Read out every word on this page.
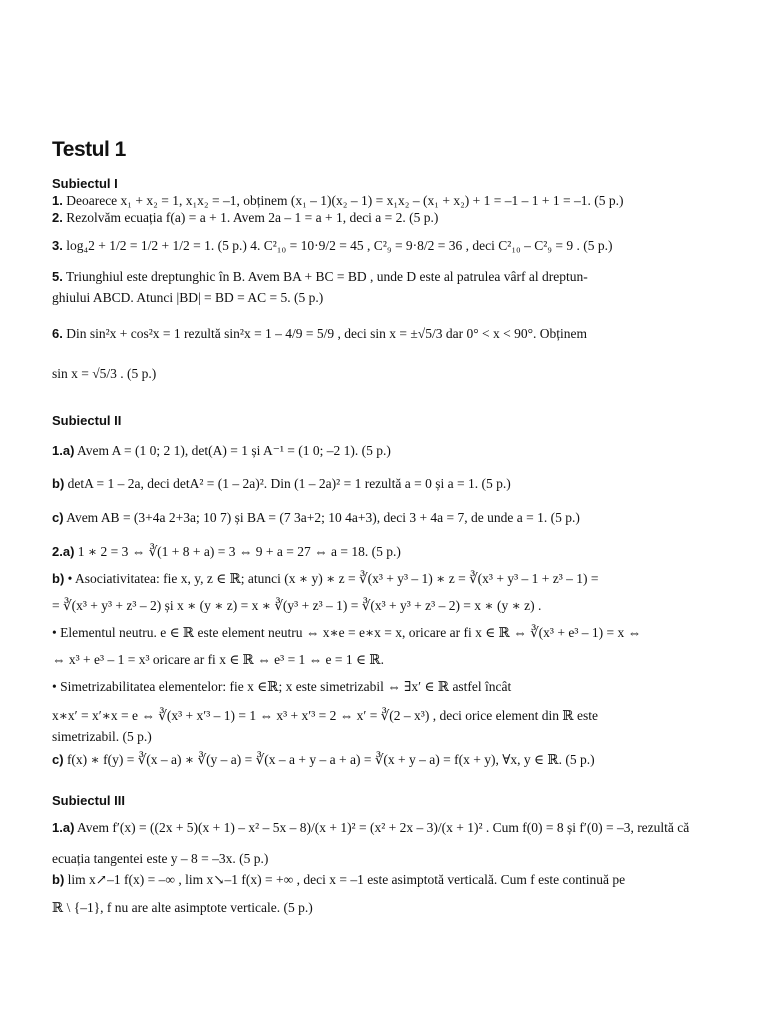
Testul 1
Subiectul I
1. Deoarece x₁ + x₂ = 1, x₁x₂ = –1, obținem (x₁ – 1)(x₂ – 1) = x₁x₂ – (x₁ + x₂) + 1 = –1 – 1 + 1 = –1. (5 p.)
2. Rezolvăm ecuația f(a) = a + 1. Avem 2a – 1 = a + 1, deci a = 2. (5 p.)
3. log₄2 + 1/2 = 1/2 + 1/2 = 1. (5 p.) 4. C²₁₀ = 10·9/2 = 45 , C²₉ = 9·8/2 = 36 , deci C²₁₀ – C²₉ = 9 . (5 p.)
5. Triunghiul este dreptunghic în B. Avem BA + BC = BD , unde D este al patrulea vârf al dreptun-
ghiului ABCD. Atunci |BD| = BD = AC = 5. (5 p.)
6. Din sin²x + cos²x = 1 rezultă sin²x = 1 – 4/9 = 5/9 , deci sin x = ±√5/3 dar 0° < x < 90°. Obținem
sin x = √5/3 . (5 p.)
Subiectul II
1.a) Avem A = (1 0; 2 1), det(A) = 1 și A⁻¹ = (1 0; –2 1). (5 p.)
b) detA = 1 – 2a, deci detA² = (1 – 2a)². Din (1 – 2a)² = 1 rezultă a = 0 și a = 1. (5 p.)
c) Avem AB = (3+4a 2+3a; 10 7) și BA = (7 3a+2; 10 4a+3), deci 3 + 4a = 7, de unde a = 1. (5 p.)
2.a) 1 ∗ 2 = 3 ⇔ ∛(1 + 8 + a) = 3 ⇔ 9 + a = 27 ⇔ a = 18. (5 p.)
b) • Asociativitatea: fie x, y, z ∈ ℝ; atunci (x ∗ y) ∗ z = ∛(x³ + y³ – 1) ∗ z = ∛(x³ + y³ – 1 + z³ – 1) =
= ∛(x³ + y³ + z³ – 2) și x ∗ (y ∗ z) = x ∗ ∛(y³ + z³ – 1) = ∛(x³ + y³ + z³ – 2) = x ∗ (y ∗ z) .
• Elementul neutru. e ∈ ℝ este element neutru ⇔ x∗e = e∗x = x, oricare ar fi x ∈ ℝ ⇔ ∛(x³ + e³ – 1) = x ⇔
⇔ x³ + e³ – 1 = x³ oricare ar fi x ∈ ℝ ⇔ e³ = 1 ⇔ e = 1 ∈ ℝ.
• Simetrizabilitatea elementelor: fie x ∈ℝ; x este simetrizabil ⇔ ∃x′ ∈ ℝ astfel încât
x∗x′ = x′∗x = e ⇔ ∛(x³ + x′³ – 1) = 1 ⇔ x³ + x′³ = 2 ⇔ x′ = ∛(2 – x³) , deci orice element din ℝ este
simetrizabil. (5 p.)
c) f(x) ∗ f(y) = ∛(x – a) ∗ ∛(y – a) = ∛(x – a + y – a + a) = ∛(x + y – a) = f(x + y), ∀x, y ∈ ℝ. (5 p.)
Subiectul III
1.a) Avem f′(x) = ((2x + 5)(x + 1) – x² – 5x – 8)/(x + 1)² = (x² + 2x – 3)/(x + 1)² . Cum f(0) = 8 și f′(0) = –3, rezultă că
ecuația tangentei este y – 8 = –3x. (5 p.)
b) lim x↗–1 f(x) = –∞ , lim x↘–1 f(x) = +∞ , deci x = –1 este asimptotă verticală. Cum f este continuă pe
ℝ \ {–1}, f nu are alte asimptote verticale. (5 p.)
